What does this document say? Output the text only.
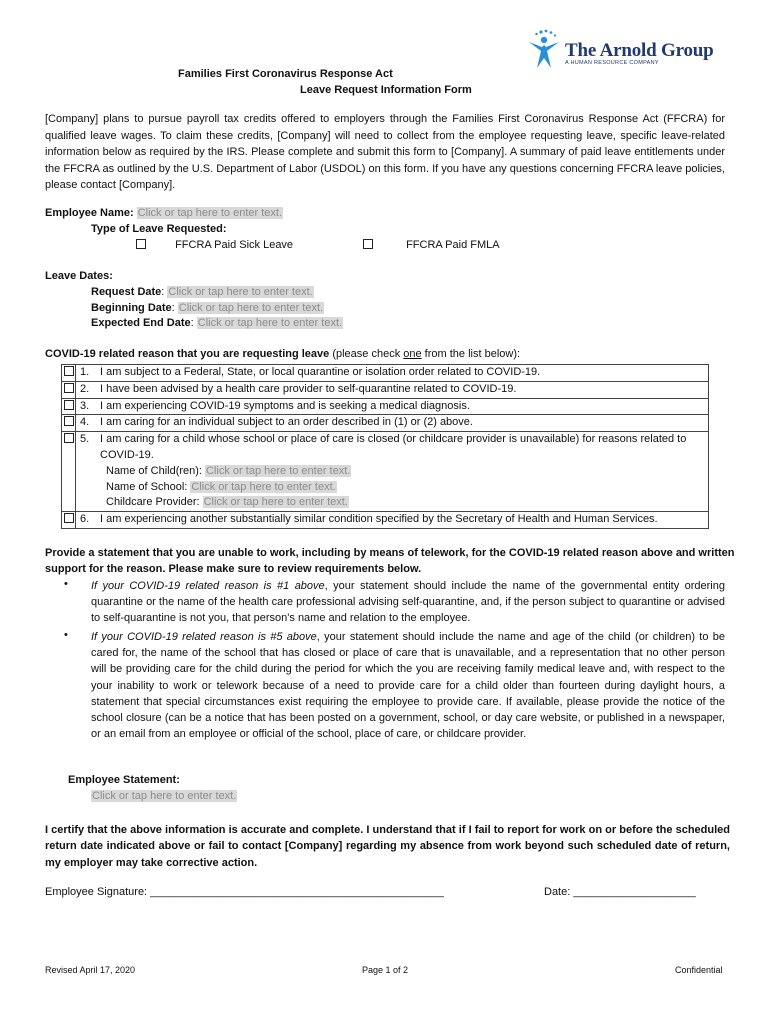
The Arnold Group
A HUMAN RESOURCE COMPANY
Families First Coronavirus Response Act
Leave Request Information Form
[Company] plans to pursue payroll tax credits offered to employers through the Families First Coronavirus Response Act (FFCRA) for qualified leave wages. To claim these credits, [Company] will need to collect from the employee requesting leave, specific leave-related information below as required by the IRS. Please complete and submit this form to [Company]. A summary of paid leave entitlements under the FFCRA as outlined by the U.S. Department of Labor (USDOL) on this form. If you have any questions concerning FFCRA leave policies, please contact [Company].
Employee Name: Click or tap here to enter text.
Type of Leave Requested:
FFCRA Paid Sick Leave	FFCRA Paid FMLA
Leave Dates:
Request Date: Click or tap here to enter text.
Beginning Date: Click or tap here to enter text.
Expected End Date: Click or tap here to enter text.
COVID-19 related reason that you are requesting leave (please check one from the list below):
	1.	I am subject to a Federal, State, or local quarantine or isolation order related to COVID-19.
	2.	I have been advised by a health care provider to self-quarantine related to COVID-19.
	3.	I am experiencing COVID-19 symptoms and is seeking a medical diagnosis.
	4.	I am caring for an individual subject to an order described in (1) or (2) above.
	5.	I am caring for a child whose school or place of care is closed (or childcare provider is unavailable) for reasons related to COVID-19.
Name of Child(ren): Click or tap here to enter text.
Name of School: Click or tap here to enter text.
Childcare Provider: Click or tap here to enter text.

	6.	I am experiencing another substantially similar condition specified by the Secretary of Health and Human Services.
Provide a statement that you are unable to work, including by means of telework, for the COVID-19 related reason above and written support for the reason. Please make sure to review requirements below.
•	If your COVID-19 related reason is #1 above, your statement should include the name of the governmental entity ordering quarantine or the name of the health care professional advising self-quarantine, and, if the person subject to quarantine or advised to self-quarantine is not you, that person's name and relation to the employee.
•	If your COVID-19 related reason is #5 above, your statement should include the name and age of the child (or children) to be cared for, the name of the school that has closed or place of care that is unavailable, and a representation that no other person will be providing care for the child during the period for which the you are receiving family medical leave and, with respect to the your inability to work or telework because of a need to provide care for a child older than fourteen during daylight hours, a statement that special circumstances exist requiring the employee to provide care. If available, please provide the notice of the school closure (can be a notice that has been posted on a government, school, or day care website, or published in a newspaper, or an email from an employee or official of the school, place of care, or childcare provider.
Employee Statement:
Click or tap here to enter text.
I certify that the above information is accurate and complete. I understand that if I fail to report for work on or before the scheduled return date indicated above or fail to contact [Company] regarding my absence from work beyond such scheduled date of return, my employer may take corrective action.
Employee Signature: ________________________________________________	Date: ____________________
Revised April 17, 2020	Page 1 of 2	Confidential
